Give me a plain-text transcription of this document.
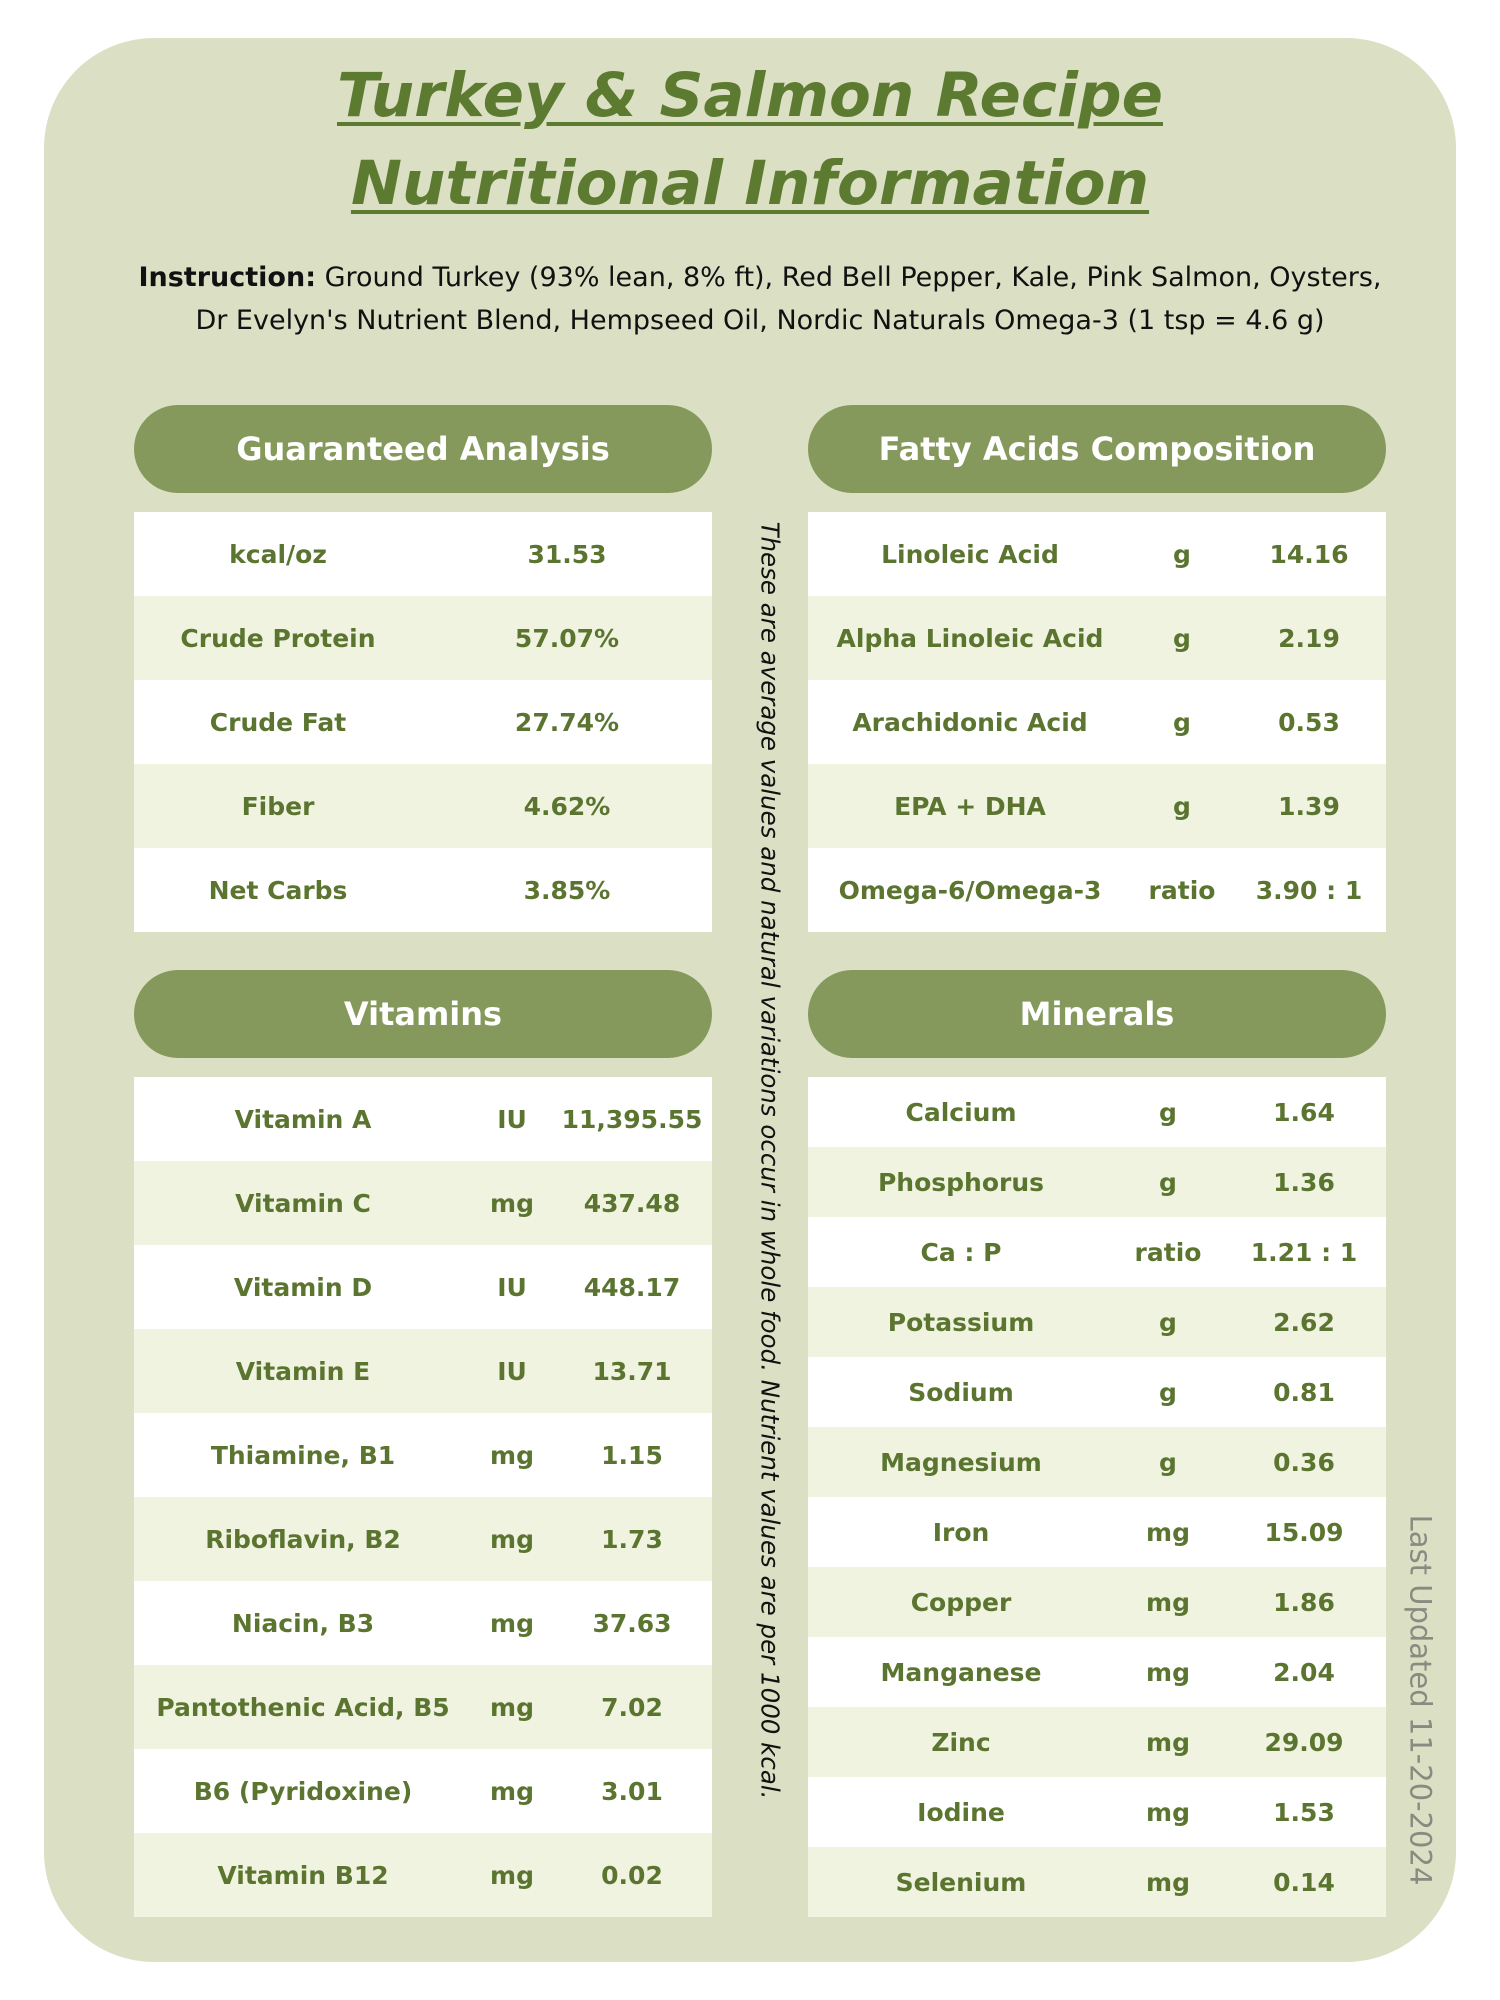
Turkey & Salmon Recipe
Nutritional Information
Instruction: Ground Turkey (93% lean, 8% ft), Red Bell Pepper, Kale, Pink Salmon, Oysters,
Dr Evelyn's Nutrient Blend, Hempseed Oil, Nordic Naturals Omega-3 (1 tsp = 4.6 g)
Guaranteed Analysis
kcal/oz	31.53
Crude Protein	57.07%
Crude Fat	27.74%
Fiber	4.62%
Net Carbs	3.85%
Fatty Acids Composition
Linoleic Acid	g	14.16
Alpha Linoleic Acid	g	2.19
Arachidonic Acid	g	0.53
EPA + DHA	g	1.39
Omega-6/Omega-3	ratio	3.90 : 1
Vitamins
Vitamin A	IU	11,395.55
Vitamin C	mg	437.48
Vitamin D	IU	448.17
Vitamin E	IU	13.71
Thiamine, B1	mg	1.15
Riboflavin, B2	mg	1.73
Niacin, B3	mg	37.63
Pantothenic Acid, B5	mg	7.02
B6 (Pyridoxine)	mg	3.01
Vitamin B12	mg	0.02
Minerals
Calcium	g	1.64
Phosphorus	g	1.36
Ca : P	ratio	1.21 : 1
Potassium	g	2.62
Sodium	g	0.81
Magnesium	g	0.36
Iron	mg	15.09
Copper	mg	1.86
Manganese	mg	2.04
Zinc	mg	29.09
Iodine	mg	1.53
Selenium	mg	0.14
These are average values and natural variations occur in whole food. Nutrient values are per 1000 kcal.	Last Updated 11-20-2024
